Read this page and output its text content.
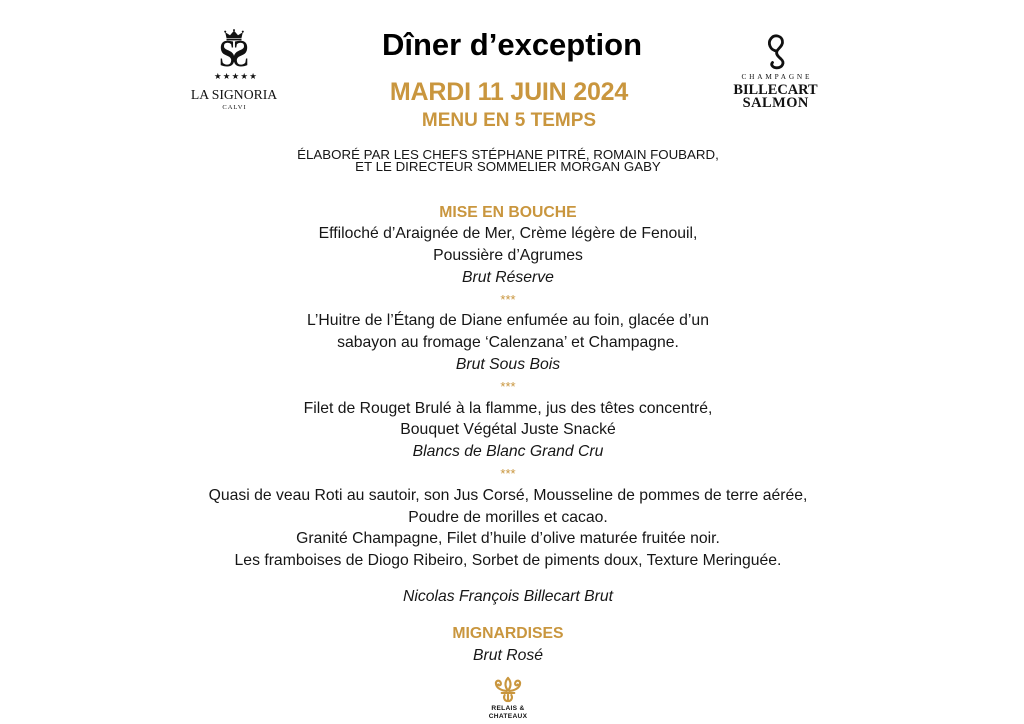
SS
★★★★★
LA SIGNORIA
CALVI
Dîner d’exception
MARDI 11 JUIN 2024
MENU EN 5 TEMPS
CHAMPAGNE
BILLECART
SALMON
ÉLABORÉ PAR LES CHEFS STÉPHANE PITRÉ, ROMAIN FOUBARD,
ET LE DIRECTEUR SOMMELIER MORGAN GABY
MISE EN BOUCHE
Effiloché d’Araignée de Mer, Crème légère de Fenouil,
Poussière d’Agrumes
Brut Réserve
***
L’Huitre de l’Étang de Diane enfumée au foin, glacée d’un
sabayon au fromage ‘Calenzana’ et Champagne.
Brut Sous Bois
***
Filet de Rouget Brulé à la flamme, jus des têtes concentré,
Bouquet Végétal Juste Snacké
Blancs de Blanc Grand Cru
***
Quasi de veau Roti au sautoir, son Jus Corsé, Mousseline de pommes de terre aérée,
Poudre de morilles et cacao.
Granité Champagne, Filet d’huile d’olive maturée fruitée noir.
Les framboises de Diogo Ribeiro, Sorbet de piments doux, Texture Meringuée.
Nicolas François Billecart Brut
MIGNARDISES
Brut Rosé
RELAIS &
CHATEAUX
